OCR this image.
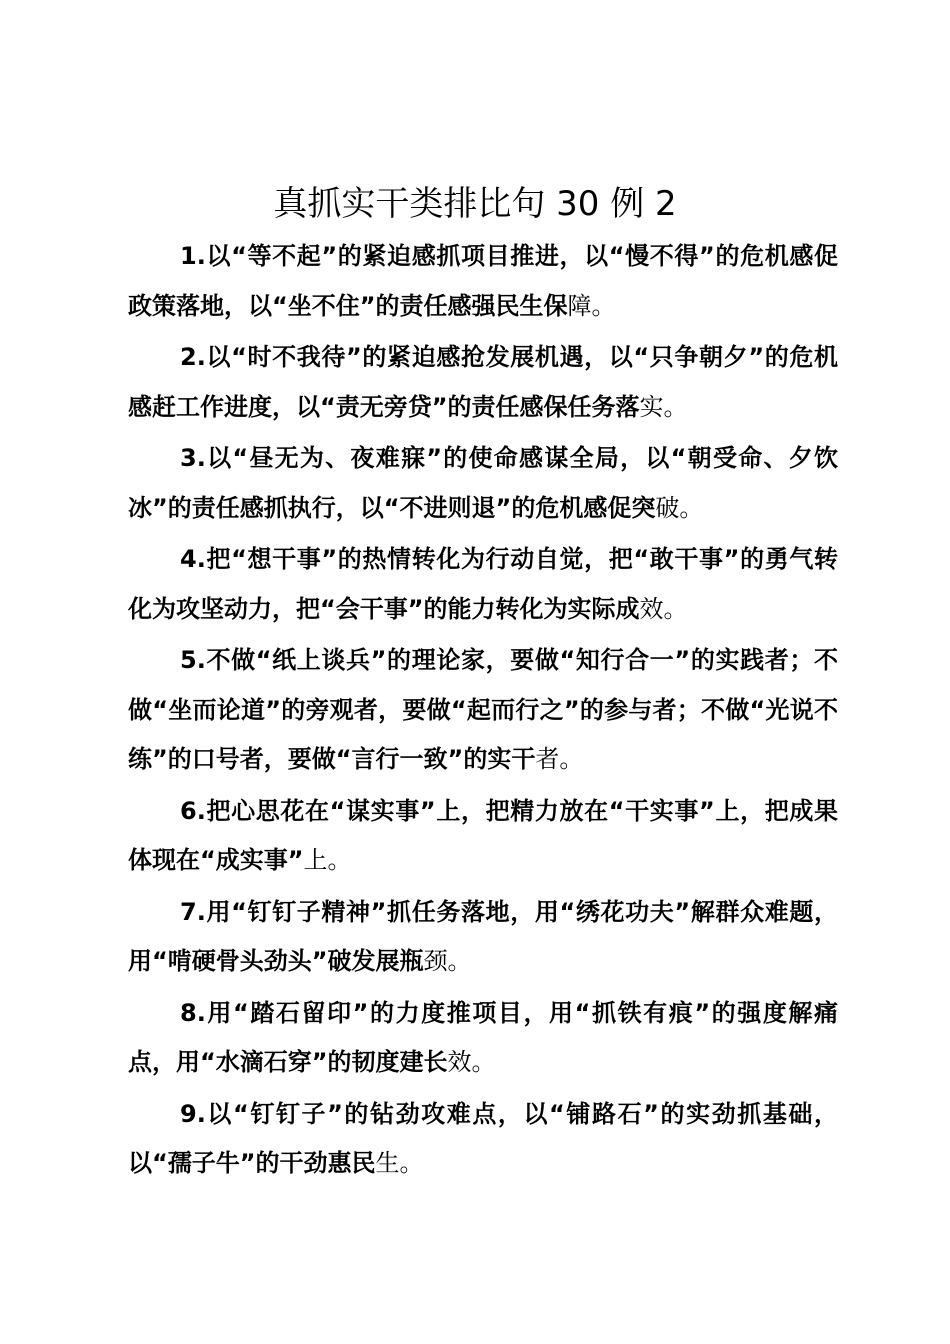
真抓实干类排比句 30 例 2

1.以“等不起”的紧迫感抓项目推进，以“慢不得”的危机感促政策落地，以“坐不住”的责任感强民生保障。

2.以“时不我待”的紧迫感抢发展机遇，以“只争朝夕”的危机感赶工作进度，以“责无旁贷”的责任感保任务落实。

3.以“昼无为、夜难寐”的使命感谋全局，以“朝受命、夕饮冰”的责任感抓执行，以“不进则退”的危机感促突破。

4.把“想干事”的热情转化为行动自觉，把“敢干事”的勇气转化为攻坚动力，把“会干事”的能力转化为实际成效。

5.不做“纸上谈兵”的理论家，要做“知行合一”的实践者；不做“坐而论道”的旁观者，要做“起而行之”的参与者；不做“光说不练”的口号者，要做“言行一致”的实干者。

6.把心思花在“谋实事”上，把精力放在“干实事”上，把成果体现在“成实事”上。

7.用“钉钉子精神”抓任务落地，用“绣花功夫”解群众难题，用“啃硬骨头劲头”破发展瓶颈。

8.用“踏石留印”的力度推项目，用“抓铁有痕”的强度解痛点，用“水滴石穿”的韧度建长效。

9.以“钉钉子”的钻劲攻难点，以“铺路石”的实劲抓基础，以“孺子牛”的干劲惠民生。
